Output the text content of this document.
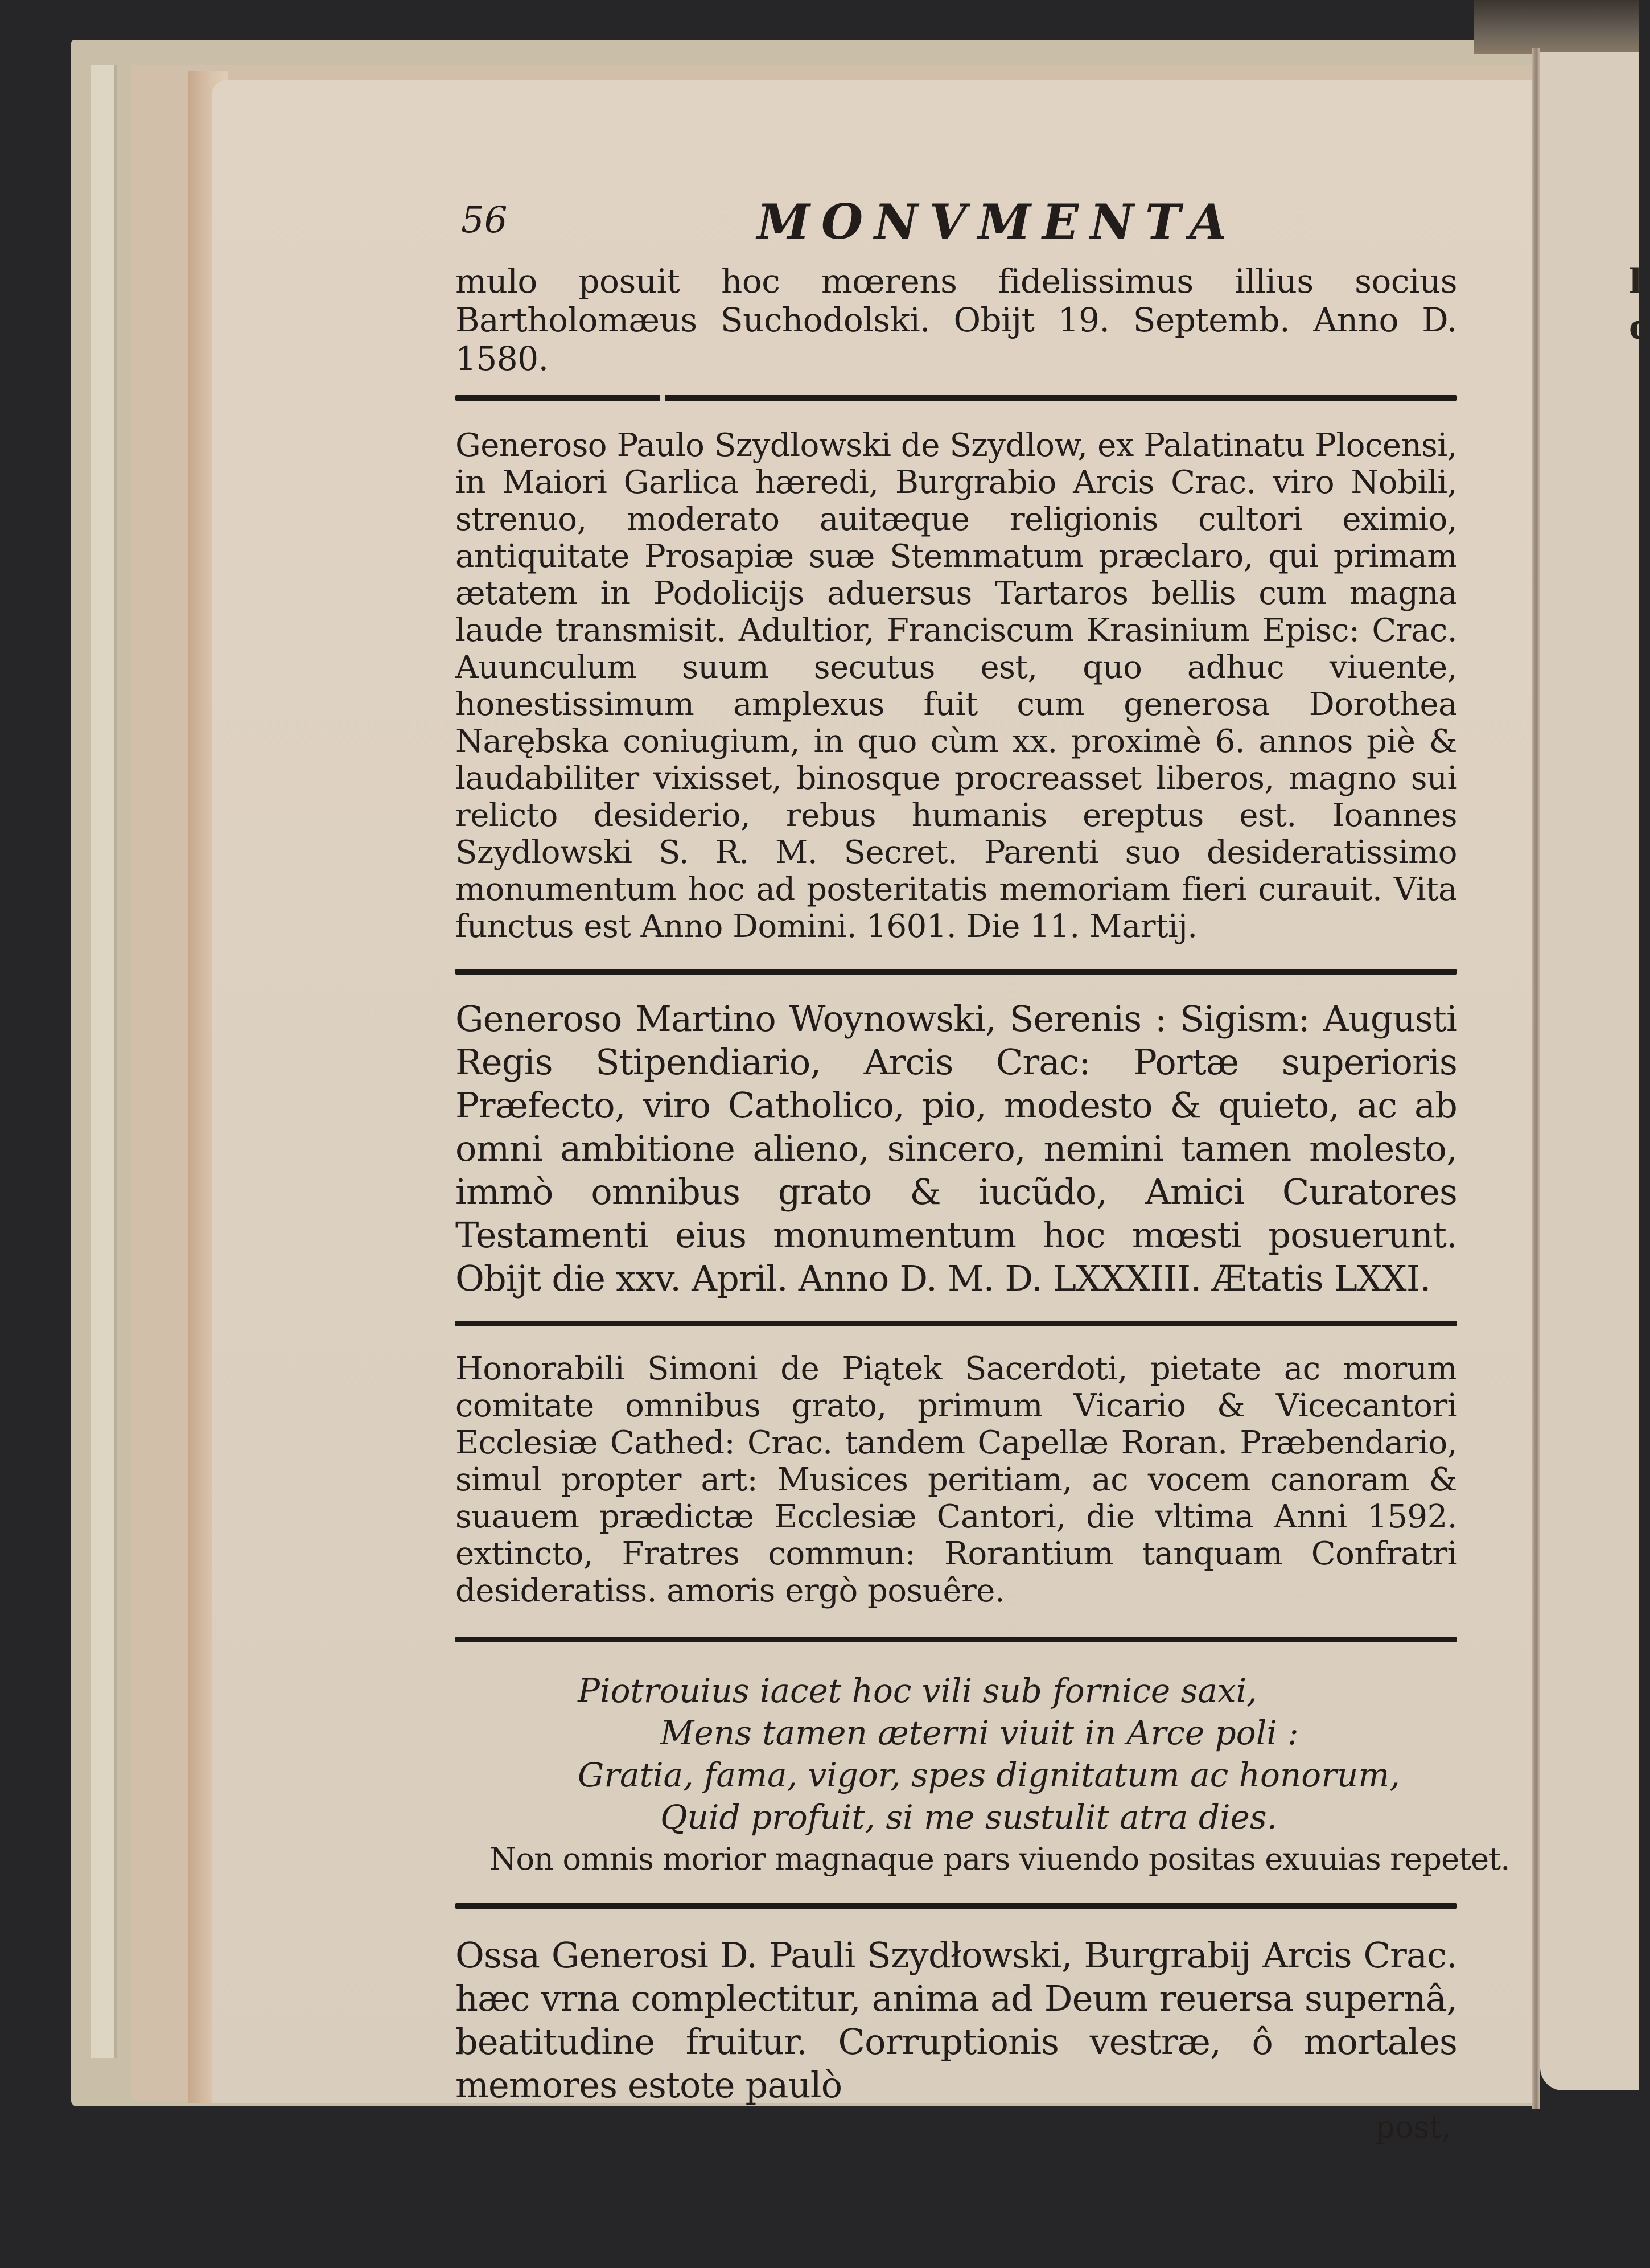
l
c
56	MONVMENTA

mulo posuit hoc mœrens fidelissimus illius socius Bartholomæus Suchodolski. Obijt 19. Septemb. Anno D. 1580.

Generoso Paulo Szydlowski de Szydlow, ex Palatinatu Plocensi, in Maiori Garlica hæredi, Burgrabio Arcis Crac. viro Nobili, strenuo, moderato auitæque religionis cultori eximio, antiquitate Prosapiæ suæ Stemmatum præclaro, qui primam ætatem in Podolicijs aduersus Tartaros bellis cum magna laude transmisit. Adultior, Franciscum Krasinium Episc: Crac. Auunculum suum secutus est, quo adhuc viuente, honestissimum amplexus fuit cum generosa Dorothea Narębska coniugium, in quo cùm xx. proximè 6. annos piè & laudabiliter vixisset, binosque procreasset liberos, magno sui relicto desiderio, rebus humanis ereptus est. Ioannes Szydlowski S. R. M. Secret. Parenti suo desideratissimo monumentum hoc ad posteritatis memoriam fieri curauit. Vita functus est Anno Domini. 1601. Die 11. Martij.

Generoso Martino Woynowski, Serenis : Sigism: Augusti Regis Stipendiario, Arcis Crac: Portæ superioris Præfecto, viro Catholico, pio, modesto & quieto, ac ab omni ambitione alieno, sincero, nemini tamen molesto, immò omnibus grato & iucũdo, Amici Curatores Testamenti eius monumentum hoc mœsti posuerunt. Obijt die xxv. April. Anno D. M. D. LXXXIII. Ætatis LXXI.

Honorabili Simoni de Piątek Sacerdoti, pietate ac morum comitate omnibus grato, primum Vicario & Vicecantori Ecclesiæ Cathed: Crac. tandem Capellæ Roran. Præbendario, simul propter art: Musices peritiam, ac vocem canoram & suauem prædictæ Ecclesiæ Cantori, die vltima Anni 1592. extincto, Fratres commun: Rorantium tanquam Confratri desideratiss. amoris ergò posuêre.

Piotrouius iacet hoc vili sub fornice saxi,
Mens tamen æterni viuit in Arce poli :
Gratia, fama, vigor, spes dignitatum ac honorum,
Quid profuit, si me sustulit atra dies.
Non omnis morior magnaque pars viuendo positas exuuias repetet.

Ossa Generosi D. Pauli Szydłowski, Burgrabij Arcis Crac. hæc vrna complectitur, anima ad Deum reuersa supernâ, beatitudine fruitur. Corruptionis vestræ, ô mortales memores estote paulò

post,
